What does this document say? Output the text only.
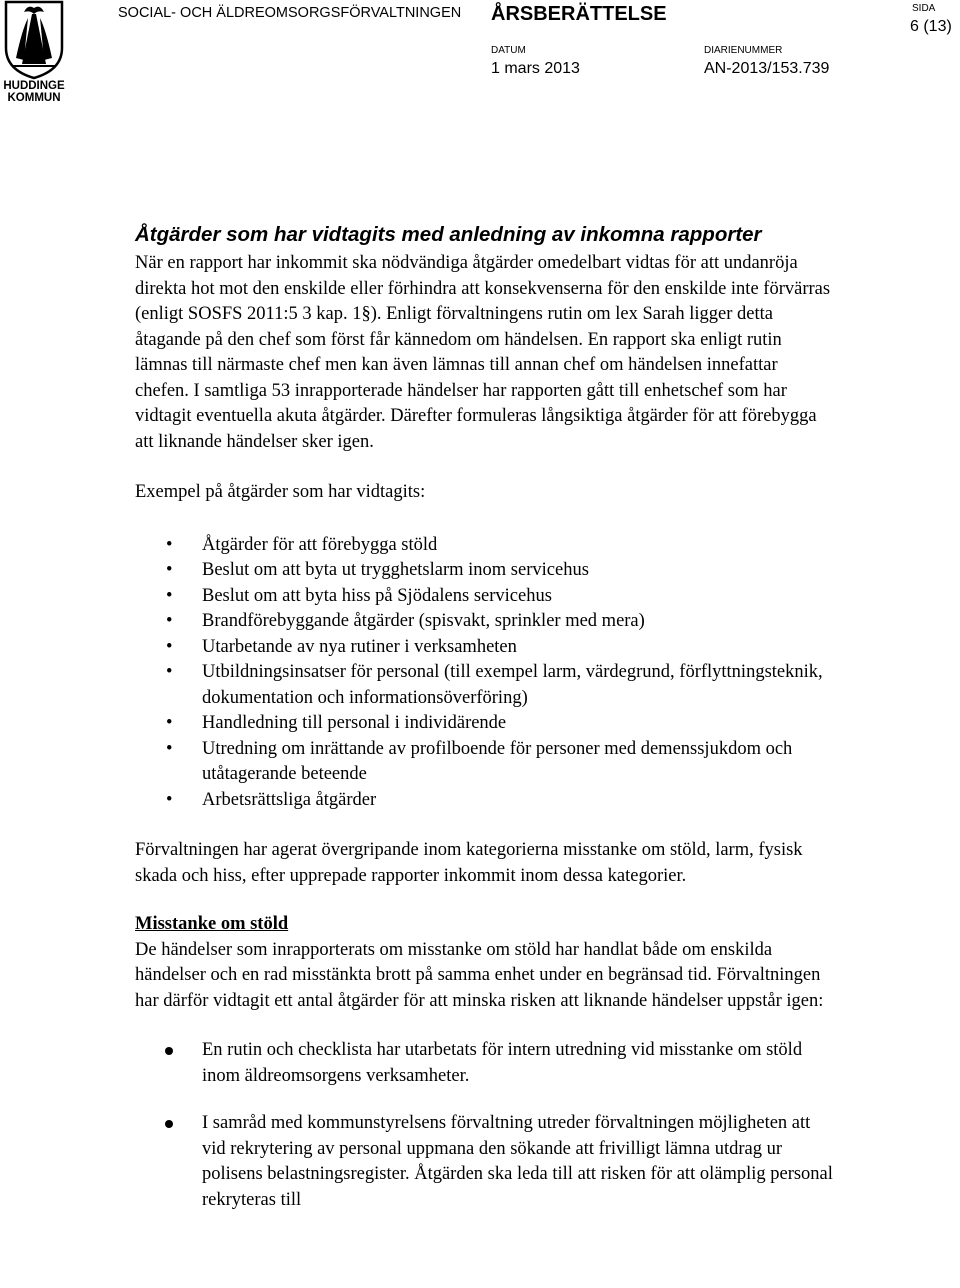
HUDDINGE
KOMMUN
SOCIAL- OCH ÄLDREOMSORGSFÖRVALTNINGEN ÅRSBERÄTTELSE	SIDA
6 (13)
DATUM
1 mars 2013
DIARIENUMMER
AN-2013/153.739
Åtgärder som har vidtagits med anledning av inkomna rapporter

När en rapport har inkommit ska nödvändiga åtgärder omedelbart vidtas för att undanröja direkta hot mot den enskilde eller förhindra att konsekvenserna för den enskilde inte förvärras (enligt SOSFS 2011:5 3 kap. 1§). Enligt förvaltningens rutin om lex Sarah ligger detta åtagande på den chef som först får kännedom om händelsen. En rapport ska enligt rutin lämnas till närmaste chef men kan även lämnas till annan chef om händelsen innefattar chefen. I samtliga 53 inrapporterade händelser har rapporten gått till enhetschef som har vidtagit eventuella akuta åtgärder. Därefter formuleras långsiktiga åtgärder för att förebygga att liknande händelser sker igen.

Exempel på åtgärder som har vidtagits:

• Åtgärder för att förebygga stöld
• Beslut om att byta ut trygghetslarm inom servicehus
• Beslut om att byta hiss på Sjödalens servicehus
• Brandförebyggande åtgärder (spisvakt, sprinkler med mera)
• Utarbetande av nya rutiner i verksamheten
• Utbildningsinsatser för personal (till exempel larm, värdegrund, förflyttningsteknik, dokumentation och informationsöverföring)
• Handledning till personal i individärende
• Utredning om inrättande av profilboende för personer med demenssjukdom och utåtagerande beteende
• Arbetsrättsliga åtgärder

Förvaltningen har agerat övergripande inom kategorierna misstanke om stöld, larm, fysisk skada och hiss, efter upprepade rapporter inkommit inom dessa kategorier.

Misstanke om stöld

De händelser som inrapporterats om misstanke om stöld har handlat både om enskilda händelser och en rad misstänkta brott på samma enhet under en begränsad tid. Förvaltningen har därför vidtagit ett antal åtgärder för att minska risken att liknande händelser uppstår igen:

En rutin och checklista har utarbetats för intern utredning vid misstanke om stöld inom äldreomsorgens verksamheter.
I samråd med kommunstyrelsens förvaltning utreder förvaltningen möjligheten att vid rekrytering av personal uppmana den sökande att frivilligt lämna utdrag ur polisens belastningsregister. Åtgärden ska leda till att risken för att olämplig personal rekryteras till
